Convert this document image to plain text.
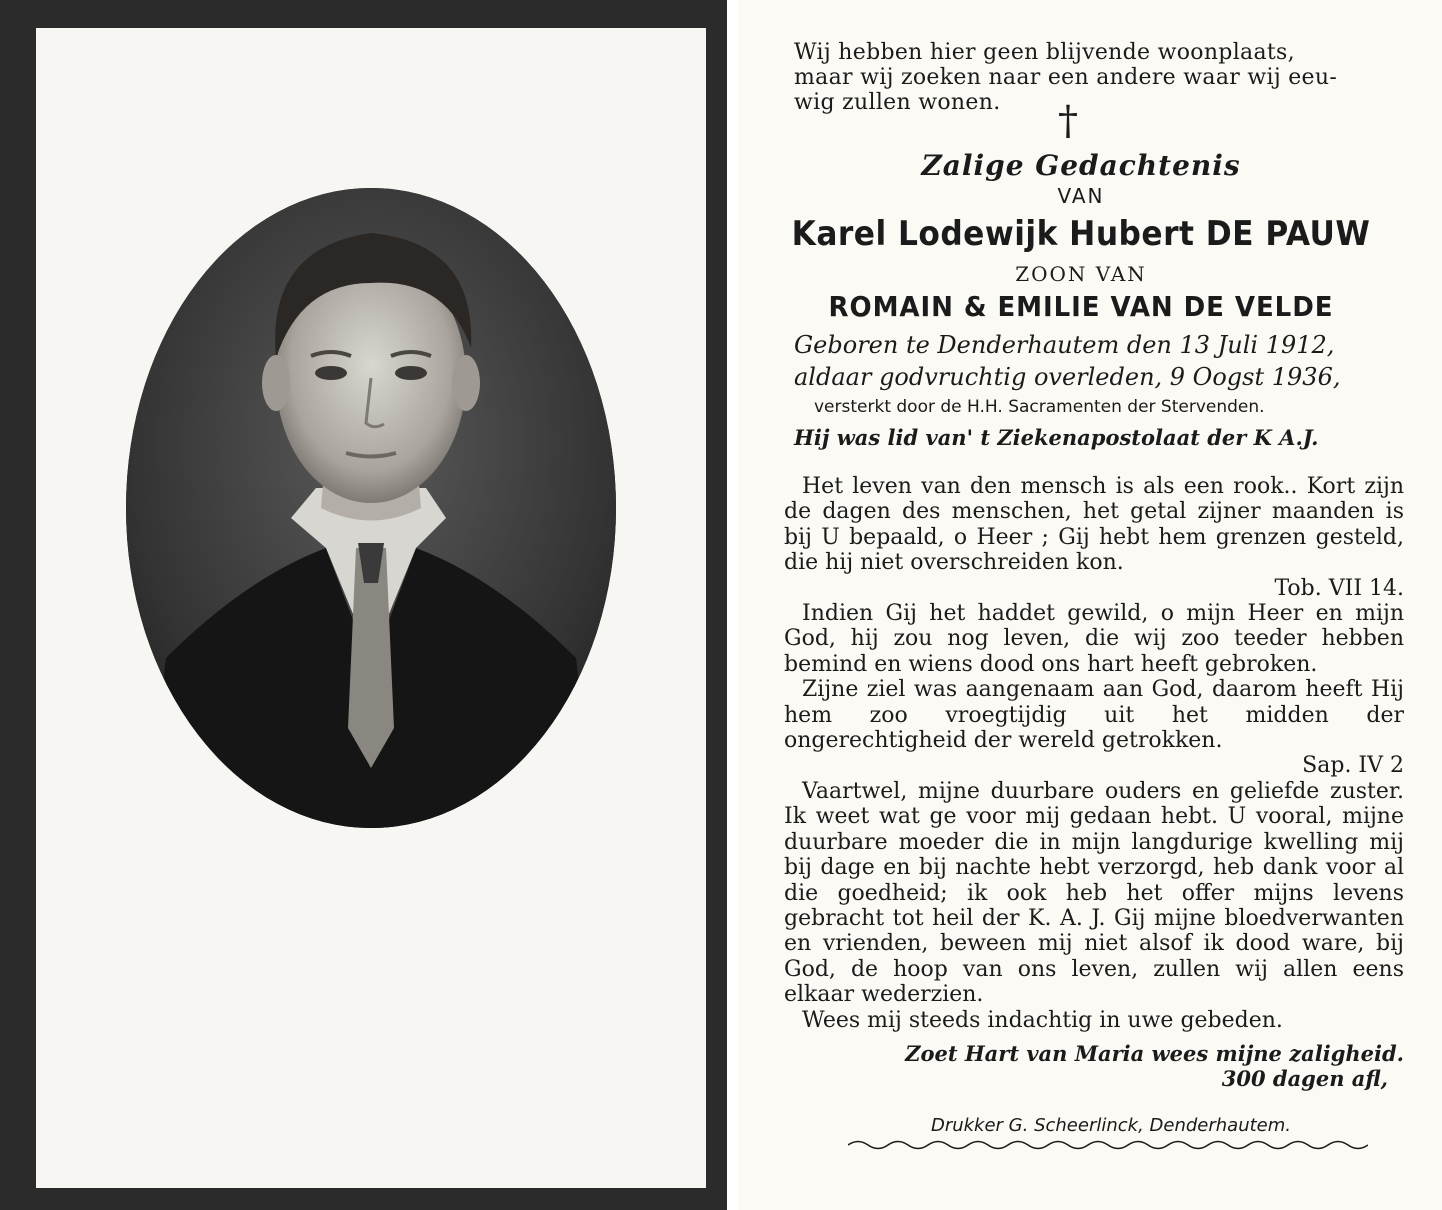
Wij hebben hier geen blijvende woonplaats,
maar wij zoeken naar een andere waar wij eeu-
wig zullen wonen.	†
Zalige Gedachtenis
VAN
Karel Lodewijk Hubert DE PAUW
ZOON VAN
ROMAIN & EMILIE VAN DE VELDE
Geboren te Denderhautem den 13 Juli 1912,
aldaar godvruchtig overleden, 9 Oogst 1936,
versterkt door de H.H. Sacramenten der Stervenden.
Hij was lid van' t Ziekenapostolaat der K A.J.

Het leven van den mensch is als een rook.. Kort zijn de dagen des menschen, het getal zijner maanden is bij U bepaald, o Heer ; Gij hebt hem grenzen gesteld, die hij niet overschreiden kon.

Tob. VII 14.

Indien Gij het haddet gewild, o mijn Heer en mijn God, hij zou nog leven, die wij zoo teeder hebben bemind en wiens dood ons hart heeft gebroken.

Zijne ziel was aangenaam aan God, daarom heeft Hij hem zoo vroegtijdig uit het midden der ongerechtigheid der wereld getrokken.

Sap. IV 2

Vaartwel, mijne duurbare ouders en geliefde zuster. Ik weet wat ge voor mij gedaan hebt. U vooral, mijne duurbare moeder die in mijn langdurige kwelling mij bij dage en bij nachte hebt verzorgd, heb dank voor al die goedheid; ik ook heb het offer mijns levens gebracht tot heil der K. A. J. Gij mijne bloedverwanten en vrienden, beween mij niet alsof ik dood ware, bij God, de hoop van ons leven, zullen wij allen eens elkaar wederzien.

Wees mij steeds indachtig in uwe gebeden.

Zoet Hart van Maria wees mijne zaligheid.
300 dagen afl,
Drukker G. Scheerlinck, Denderhautem.
